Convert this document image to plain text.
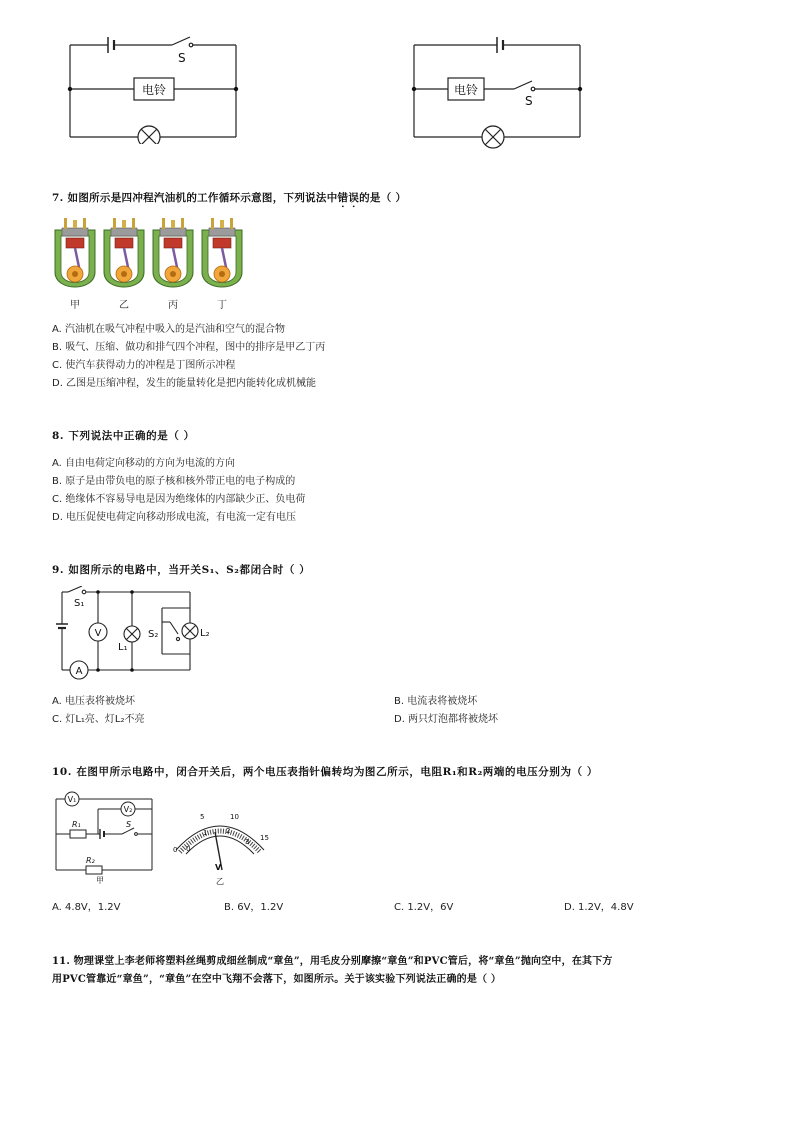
S
电铃	电铃
S
7. 如图所示是四冲程汽油机的工作循环示意图，下列说法中错误的是（ ）
甲	乙	丙	丁
A. 汽油机在吸气冲程中吸入的是汽油和空气的混合物
B. 吸气、压缩、做功和排气四个冲程，图中的排序是甲乙丁丙
C. 使汽车获得动力的冲程是丁图所示冲程
D. 乙图是压缩冲程，发生的能量转化是把内能转化成机械能
8. 下列说法中正确的是（ ）
A. 自由电荷定向移动的方向为电流的方向
B. 原子是由带负电的原子核和核外带正电的电子构成的
C. 绝缘体不容易导电是因为绝缘体的内部缺少正、负电荷
D. 电压促使电荷定向移动形成电流，有电流一定有电压
9. 如图所示的电路中，当开关S₁、S₂都闭合时（ ）
S₁
V
A
L₁
S₂	L₂
A. 电压表将被烧坏	B. 电流表将被烧坏
C. 灯L₁亮、灯L₂不亮	D. 两只灯泡都将被烧坏
10. 在图甲所示电路中，闭合开关后，两个电压表指针偏转均为图乙所示，电阻R₁和R₂两端的电压分别为（ ）
V₁
V₂
R₁	S
R₂
甲
0
5	10
15
0
1	2
3
V
乙
A. 4.8V，1.2V	B. 6V，1.2V	C. 1.2V，6V	D. 1.2V，4.8V
11. 物理课堂上李老师将塑料丝绳剪成细丝制成“章鱼”，用毛皮分别摩擦“章鱼”和PVC管后，将“章鱼”抛向空中，在其下方
用PVC管靠近“章鱼”，“章鱼”在空中飞翔不会落下，如图所示。关于该实验下列说法正确的是（ ）
